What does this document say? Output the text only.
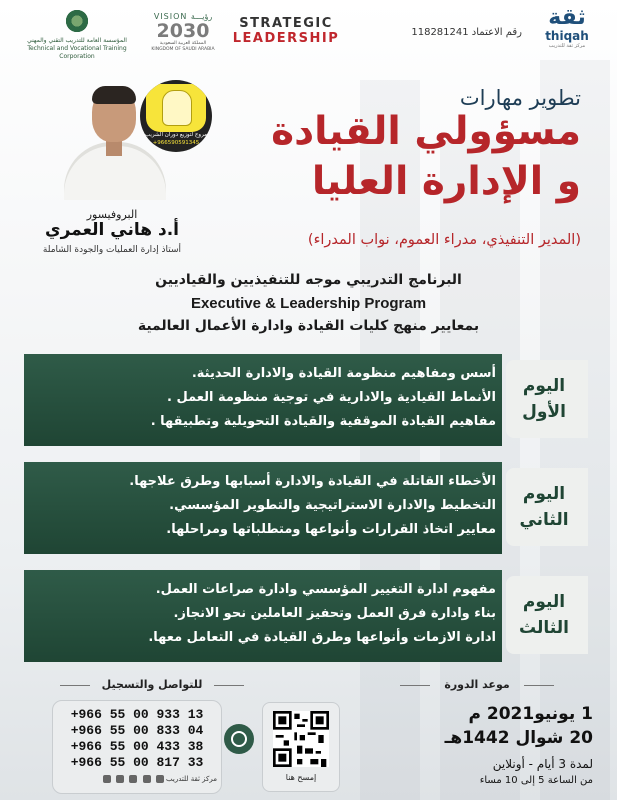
المؤسسة العامة للتدريب التقني والمهني
Technical and Vocational Training Corporation
VISION رؤيـــة
2030
المملكة العربية السعودية
KINGDOM OF SAUDI ARABIA
STRATEGIC
LEADERSHIP	رقم الاعتماد 118281241
ثقة
thiqah
مركز ثقة للتدريب
مروج لتوزيع دوران الشريب
+966590591345
البروفيسور
أ.د هاني العمري
أستاذ إدارة العمليات والجودة الشاملة
تطوير مهارات
مسؤولي القيادة
و الإدارة العليا
(المدير التنفيذي، مدراء العموم، نواب المدراء)
البرنامج التدريبي موجه للتنفيذيين والقياديين
Executive & Leadership Program
بمعايير منهج كليات القيادة وادارة الأعمال العالمية
اليوم
الأول
أسس ومفاهيم منظومة القيادة والادارة الحديثة.
الأنماط القيادية والادارية في توجية منظومة العمل .
مفاهيم القيادة الموقفية والقيادة التحويلية وتطبيقها .
اليوم
الثاني
الأخطاء القاتلة في القيادة والادارة أسبابها وطرق علاجها.
التخطيط والادارة الاستراتيجية والتطوير المؤسسي.
معايير اتخاذ القرارات وأنواعها ومتطلباتها ومراحلها.
اليوم
الثالث
مفهوم ادارة التغيير المؤسسي وادارة صراعات العمل.
بناء وادارة فرق العمل وتحفيز العاملين نحو الانجاز.
ادارة الازمات وأنواعها وطرق القيادة في التعامل معها.
للتواصل والتسجيل	موعد الدورة
+966 55 00 933 13
+966 55 00 833 04
+966 55 00 433 38
+966 55 00 817 33
مركز ثقة للتدريب	إمسح هنا
1 يونيو2021 م
20 شوال 1442هـ
لمدة 3 أيام - أونلاين
من الساعة 5 إلى 10 مساء
